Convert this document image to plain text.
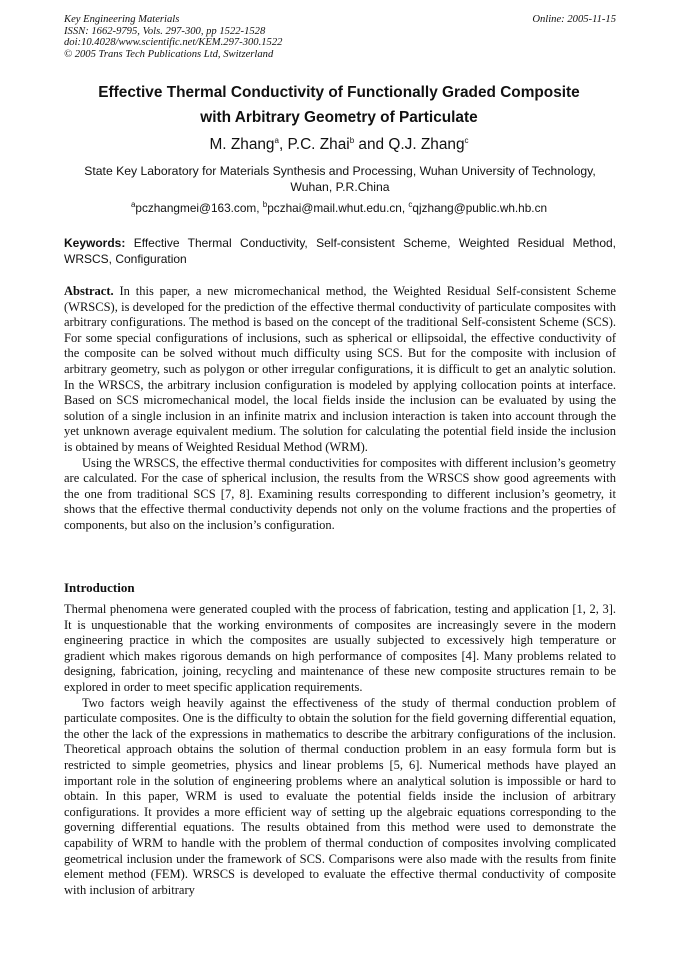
Key Engineering Materials
ISSN: 1662-9795, Vols. 297-300, pp 1522-1528
doi:10.4028/www.scientific.net/KEM.297-300.1522
© 2005 Trans Tech Publications Ltd, Switzerland
Online: 2005-11-15
Effective Thermal Conductivity of Functionally Graded Composite
with Arbitrary Geometry of Particulate
M. Zhang$^a$, P.C. Zhai$^b$ and Q.J. Zhang$^c$
State Key Laboratory for Materials Synthesis and Processing, Wuhan University of Technology, Wuhan, P.R.China
$^a$pczhangmei@163.com, $^b$pczhai@mail.whut.edu.cn, $^c$qjzhang@public.wh.hb.cn
Keywords: Effective Thermal Conductivity, Self-consistent Scheme, Weighted Residual Method, WRSCS, Configuration

Abstract. In this paper, a new micromechanical method, the Weighted Residual Self-consistent Scheme (WRSCS), is developed for the prediction of the effective thermal conductivity of particulate composites with arbitrary configurations. The method is based on the concept of the traditional Self-consistent Scheme (SCS). For some special configurations of inclusions, such as spherical or ellipsoidal, the effective conductivity of the composite can be solved without much difficulty using SCS. But for the composite with inclusion of arbitrary geometry, such as polygon or other irregular configurations, it is difficult to get an analytic solution. In the WRSCS, the arbitrary inclusion configuration is modeled by applying collocation points at interface. Based on SCS micromechanical model, the local fields inside the inclusion can be evaluated by using the solution of a single inclusion in an infinite matrix and inclusion interaction is taken into account through the yet unknown average equivalent medium. The solution for calculating the potential field inside the inclusion is obtained by means of Weighted Residual Method (WRM).

Using the WRSCS, the effective thermal conductivities for composites with different inclusion’s geometry are calculated. For the case of spherical inclusion, the results from the WRSCS show good agreements with the one from traditional SCS [7, 8]. Examining results corresponding to different inclusion’s geometry, it shows that the effective thermal conductivity depends not only on the volume fractions and the properties of components, but also on the inclusion’s configuration.

Introduction

Thermal phenomena were generated coupled with the process of fabrication, testing and application [1, 2, 3]. It is unquestionable that the working environments of composites are increasingly severe in the modern engineering practice in which the composites are usually subjected to excessively high temperature or gradient which makes rigorous demands on high performance of composites [4]. Many problems related to designing, fabrication, joining, recycling and maintenance of these new composite structures remain to be explored in order to meet specific application requirements.

Two factors weigh heavily against the effectiveness of the study of thermal conduction problem of particulate composites. One is the difficulty to obtain the solution for the field governing differential equation, the other the lack of the expressions in mathematics to describe the arbitrary configurations of the inclusion. Theoretical approach obtains the solution of thermal conduction problem in an easy formula form but is restricted to simple geometries, physics and linear problems [5, 6]. Numerical methods have played an important role in the solution of engineering problems where an analytical solution is impossible or hard to obtain. In this paper, WRM is used to evaluate the potential fields inside the inclusion of arbitrary configurations. It provides a more efficient way of setting up the algebraic equations corresponding to the governing differential equations. The results obtained from this method were used to demonstrate the capability of WRM to handle with the problem of thermal conduction of composites involving complicated geometrical inclusion under the framework of SCS. Comparisons were also made with the results from finite element method (FEM). WRSCS is developed to evaluate the effective thermal conductivity of composite with inclusion of arbitrary
